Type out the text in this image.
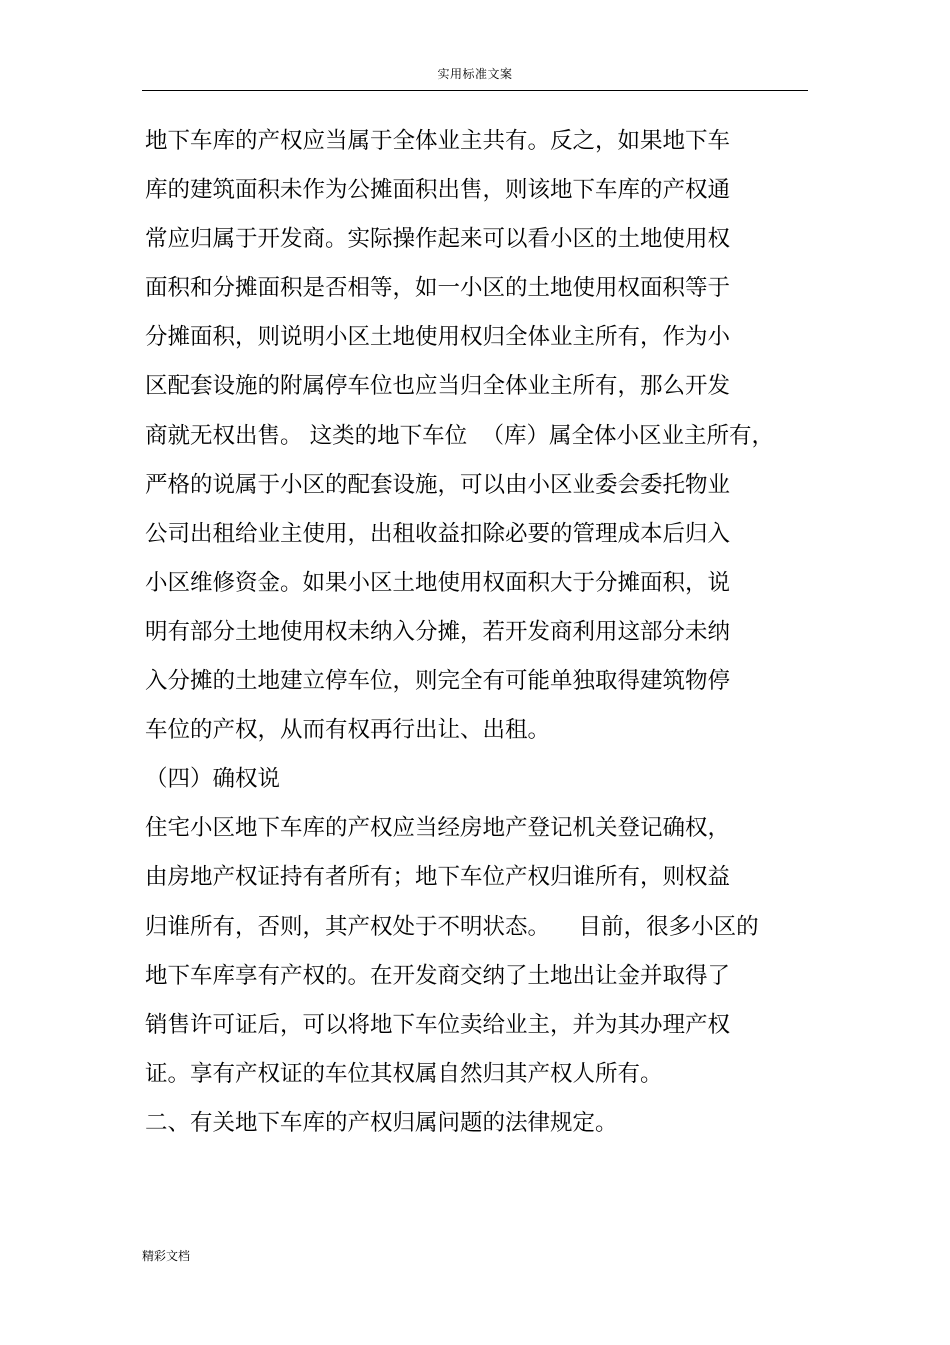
实用标准文案
地下车库的产权应当属于全体业主共有。反之，如果地下车
库的建筑面积未作为公摊面积出售，则该地下车库的产权通
常应归属于开发商。实际操作起来可以看小区的土地使用权
面积和分摊面积是否相等，如一小区的土地使用权面积等于
分摊面积，则说明小区土地使用权归全体业主所有，作为小
区配套设施的附属停车位也应当归全体业主所有，那么开发
商就无权出售。 这类的地下车位  （库）属全体小区业主所有，
严格的说属于小区的配套设施，可以由小区业委会委托物业
公司出租给业主使用，出租收益扣除必要的管理成本后归入
小区维修资金。如果小区土地使用权面积大于分摊面积，说
明有部分土地使用权未纳入分摊，若开发商利用这部分未纳
入分摊的土地建立停车位，则完全有可能单独取得建筑物停
车位的产权，从而有权再行出让、出租。
（四）确权说
住宅小区地下车库的产权应当经房地产登记机关登记确权，
由房地产权证持有者所有；地下车位产权归谁所有，则权益
归谁所有，否则，其产权处于不明状态。    目前，很多小区的
地下车库享有产权的。在开发商交纳了土地出让金并取得了
销售许可证后，可以将地下车位卖给业主，并为其办理产权
证。享有产权证的车位其权属自然归其产权人所有。
二、有关地下车库的产权归属问题的法律规定。
精彩文档
